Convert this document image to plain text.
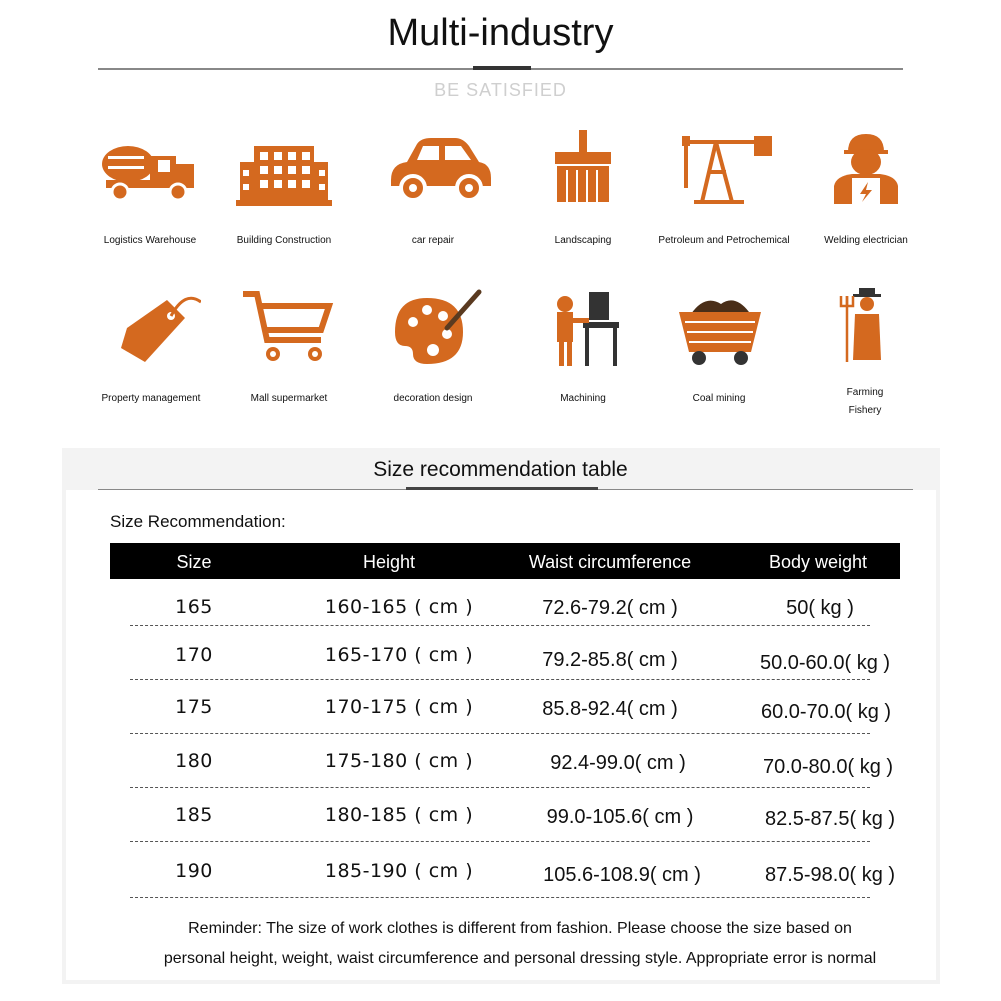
Multi-industry
BE SATISFIED
Logistics Warehouse	Building Construction	car repair	Landscaping	Petroleum and Petrochemical	Welding electrician
Property management	Mall supermarket	decoration design	Machining	Coal mining
Farming
Fishery
Size recommendation table
Size Recommendation:
Size	Height	Waist circumference	Body weight
165	160-165 ( cm )	72.6-79.2( cm )	50( kg )
170	165-170 ( cm )	79.2-85.8( cm )	50.0-60.0( kg )
175	170-175 ( cm )	85.8-92.4( cm )	60.0-70.0( kg )
180	175-180 ( cm )	92.4-99.0( cm )	70.0-80.0( kg )
185	180-185 ( cm )	99.0-105.6( cm )	82.5-87.5( kg )
190	185-190 ( cm )	105.6-108.9( cm )	87.5-98.0( kg )
Reminder: The size of work clothes is different from fashion. Please choose the size based on
personal height, weight, waist circumference and personal dressing style. Appropriate error is normal
